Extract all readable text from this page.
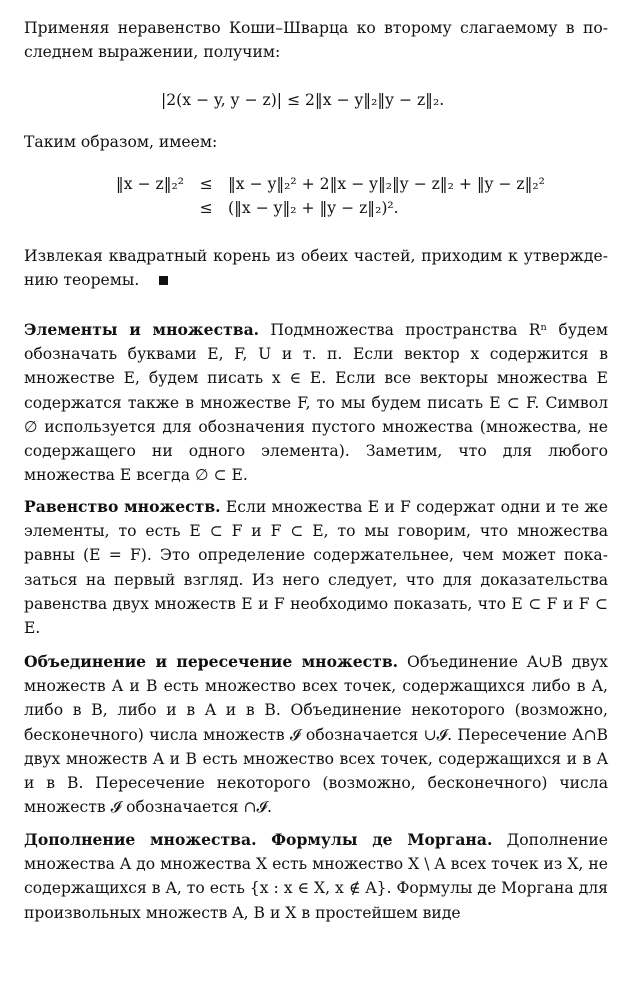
Применяя неравенство Коши–Шварца ко второму слагаемому в по-следнем выражении, получим:

|2(x − y, y − z)| ≤ 2‖x − y‖₂‖y − z‖₂.

Таким образом, имеем:

‖x − z‖₂² ≤ ‖x − y‖₂² + 2‖x − y‖₂‖y − z‖₂ + ‖y − z‖₂²
≤ (‖x − y‖₂ + ‖y − z‖₂)².

Извлекая квадратный корень из обеих частей, приходим к утвержде-нию теоремы.

Элементы и множества. Подмножества пространства Rⁿ будем обозначать буквами E, F, U и т. п. Если вектор x содержится в множестве E, будем писать x ∈ E. Если все векторы множества E содержатся также в множестве F, то мы будем писать E ⊂ F. Символ ∅ используется для обозначения пустого множества (множества, не содержащего ни одного элемента). Заметим, что для любого множества E всегда ∅ ⊂ E.

Равенство множеств. Если множества E и F содержат одни и те же элементы, то есть E ⊂ F и F ⊂ E, то мы говорим, что множества равны (E = F). Это определение содержательнее, чем может пока-заться на первый взгляд. Из него следует, что для доказательства равенства двух множеств E и F необходимо показать, что E ⊂ F и F ⊂ E.

Объединение и пересечение множеств. Объединение A∪B двух множеств A и B есть множество всех точек, содержащихся либо в A, либо в B, либо и в A и в B. Объединение некоторого (возможно, бесконечного) числа множеств 𝓘 обозначается ∪𝓘. Пересечение A∩B двух множеств A и B есть множество всех точек, содержащихся и в A и в B. Пересечение некоторого (возможно, бесконечного) числа множеств 𝓘 обозначается ∩𝓘.

Дополнение множества. Формулы де Моргана. Дополнение множества A до множества X есть множество X \ A всех точек из X, не содержащихся в A, то есть {x : x ∈ X, x ∉ A}. Формулы де Моргана для произвольных множеств A, B и X в простейшем виде
